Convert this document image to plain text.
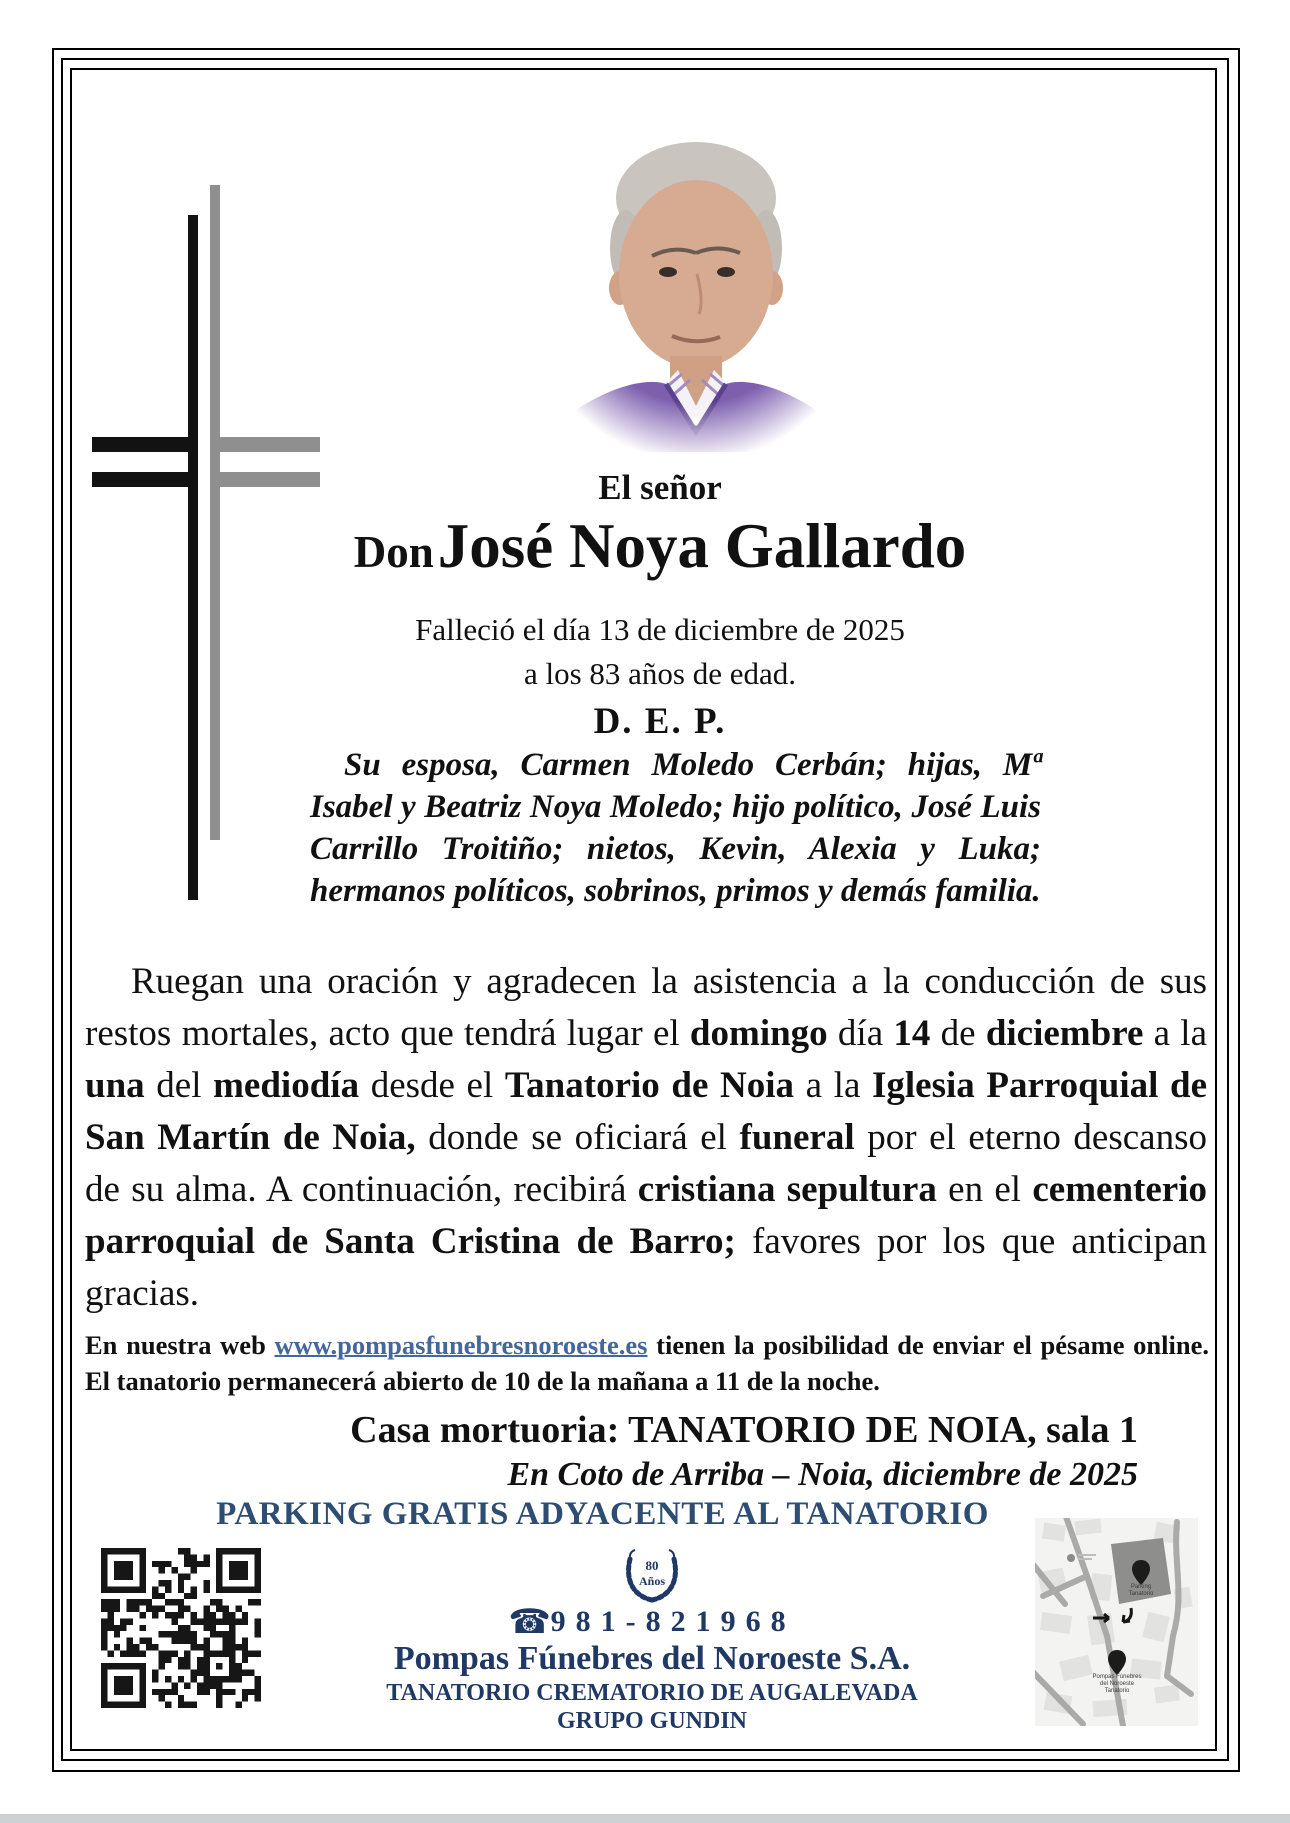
El señor
Don José Noya Gallardo
Falleció el día 13 de diciembre de 2025
a los 83 años de edad.
D. E. P.
Su esposa, Carmen Moledo Cerbán; hijas, Mª Isabel y Beatriz Noya Moledo; hijo político, José Luis Carrillo Troitiño; nietos, Kevin, Alexia y Luka; hermanos políticos, sobrinos, primos y demás familia.
Ruegan una oración y agradecen la asistencia a la conducción de sus restos mortales, acto que tendrá lugar el domingo día 14 de diciembre a la una del mediodía desde el Tanatorio de Noia a la Iglesia Parroquial de San Martín de Noia, donde se oficiará el funeral por el eterno descanso de su alma. A continuación, recibirá cristiana sepultura en el cementerio parroquial de Santa Cristina de Barro; favores por los que anticipan gracias.
En nuestra web www.pompasfunebresnoroeste.es tienen la posibilidad de enviar el pésame online.
El tanatorio permanecerá abierto de 10 de la mañana a 11 de la noche.
Casa mortuoria: TANATORIO DE NOIA, sala 1
En Coto de Arriba – Noia, diciembre de 2025
PARKING GRATIS ADYACENTE AL TANATORIO
80
Años
☎981-821968
Pompas Fúnebres del Noroeste S.A.
TANATORIO CREMATORIO DE AUGALEVADA
GRUPO GUNDIN
Parking
Tanatorio
Pompas Fúnebres
del Noroeste
Tanatorio
